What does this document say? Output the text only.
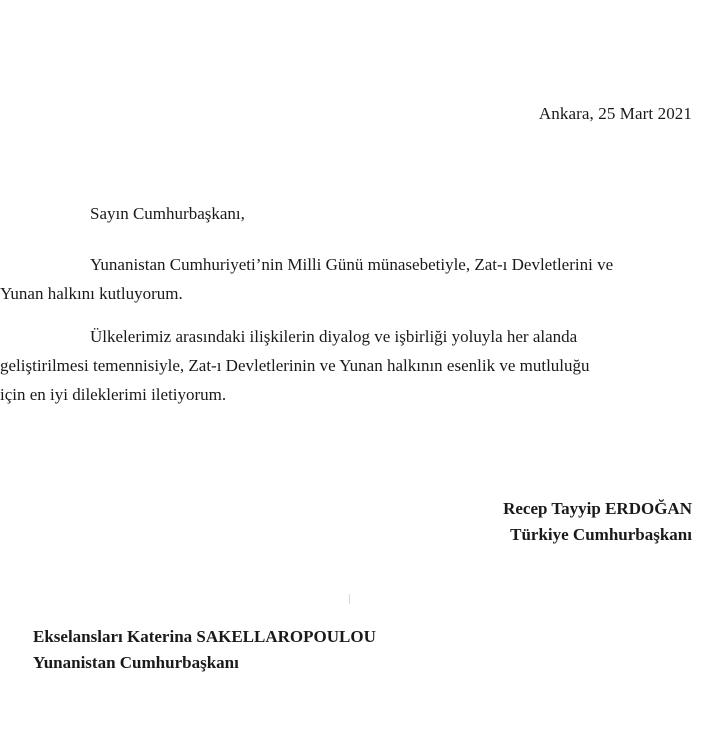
Ankara, 25 Mart 2021
Sayın Cumhurbaşkanı,
Yunanistan Cumhuriyeti’nin Milli Günü münasebetiyle, Zat-ı Devletlerini ve
Yunan halkını kutluyorum.
Ülkelerimiz arasındaki ilişkilerin diyalog ve işbirliği yoluyla her alanda
geliştirilmesi temennisiyle, Zat-ı Devletlerinin ve Yunan halkının esenlik ve mutluluğu
için en iyi dileklerimi iletiyorum.
Recep Tayyip ERDOĞAN
Türkiye Cumhurbaşkanı
Ekselansları Katerina SAKELLAROPOULOU
Yunanistan Cumhurbaşkanı
